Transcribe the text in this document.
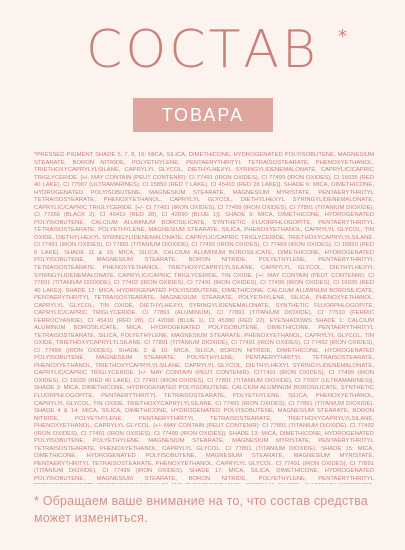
СОСТАВ	*
ТОВАРА
*PRESSED PIGMENT SHADE 5, 7, 8, 16: MICA, SILICA, DIMETHICONE, HYDROGENATED POLYISOBUTENE, MAGNESIUM STEARATE, BORON NITRIDE, POLYETHYLENE, PENTAERYTHRITYL TETRAISOSTEARATE, PHENOXYETHANOL, TRIETHOXYCAPRYLYLSILANE, CAPRYLYL GLYCOL, DIETHYLHEXYL SYRINGYLIDENEMALONATE, CAPRYLIC/CAPRIC TRIGLYCERIDE. [+/- MAY CONTAIN (PEUT CONTENIR): CI 77491 (IRON OXIDES), CI 77499 (IRON OXIDES), CI 16035 (RED 40 LAKE), CI 77007 (ULTRAMARINES), CI 15850 (RED 7 LAKE), CI 45410 (RED 28 LAKE)]. SHADE 6: MICA, DIMETHICONE, HYDROGENATED POLYISOBUTENE, MAGNESIUM STEARATE, MAGNESIUM MYRISTATE, PENTAERYTHRITYL TETRAISOSTEARATE, PHENOXYETHANOL, CAPRYLYL GLYCOL, DIETHYLHEXYL SYRINGYLIDENEMALONATE, CAPRYLIC/CAPRIC TRIGLYCERIDE. [+/- CI 77491 (IRON OXIDES), CI 77499 (IRON OXIDES), CI 77891 (TITANIUM DIOXIDE), CI 77266 (BLACK 2), CI 45410 (RED 28), CI 42090 (BLUE 1)]. SHADE 9: MICA, DIMETHICONE, HYDROGENATED POLYISOBUTENE, CALCIUM ALUMINUM BOROSILICATE, SYNTHETIC FLUORPHLOGOPITE, PENTAERYTHRITYL TETRAISOSTEARATE, POLYETHYLENE, MAGNESIUM STEARATE, SILICA, PHENOXYETHANOL, CAPRYLYL GLYCOL, TIN OXIDE, DIETHYLHEXYL SYRINGYLIDENEMALONATE, CAPRYLIC/CAPRIC TRIGLYCERIDE, TRIETHOXYCAPRYLYLSILANE. CI 77491 (IRON OXIDES), CI 77891 (TITANIUM DIOXIDE), CI 77492 (IRON OXIDES), CI 77499 (IRON OXIDES), CI 15850 (RED 6 LAKE). SHADE 11 & 15: MICA, SILICA, CALCIUM ALUMINUM BOROSILICATE, DIMETHICONE, HYDROGENATED POLYISOBUTENE, MAGNESIUM STEARATE, BORON NITRIDE, POLYETHYLENE, PENTAERYTHRITYL TETRAISOSTEARATE, PHENOXYETHANOL, TRIETHOXYCAPRYLYLSILANE, CAPRYLYL GLYCOL, DIETHYLHEXYL SYRINGYLIDENEMALONATE, CAPRYLIC/CAPRIC TRIGLYCERIDE, TIN OXIDE. [+/- MAY CONTAIN (PEUT CONTENIR): CI 77891 (TITANIUM DIOXIDE), CI 77492 (IRON OXIDES), CI 77491 (IRON OXIDES), CI 77499 (IRON OXIDES), CI 16035 (RED 40 LAKE)]. SHADE 12: MICA, HYDROGENATED POLYISOBUTENE, DIMETHICONE, CALCIUM ALUMINUM BOROSILICATE, PENTAERYTHRITYL TETRAISOSTEARATE, MAGNESIUM STEARATE, POLYETHYLENE, SILICA, PHENOXYETHANOL, CAPRYLYL GLYCOL, TIN OXIDE, DIETHYLHEXYL SYRINGYLIDENEMALONATE, SYNTHETIC FLUORPHLOGOPITE, CAPRYLIC/CAPRIC TRIGLYCERIDE. CI 77891 (ALUMINUM), CI 77891 (TITANIUM DIOXIDE), CI 77510 (FERRIC FERROCYANIDE), CI 45410 (RED 28), CI 42090 (BLUE 1), CI 45380 (RED 22). EYESHADOWS SHADE 1: CALCIUM ALUMINUM BOROSILICATE, MICA, HYDROGENATED POLYISOBUTENE, DIMETHICONE, PENTAERYTHRITYL TETRAISOSTEARATE, SILICA, POLYETHYLENE, MAGNESIUM STEARATE, PHENOXYETHANOL, CAPRYLYL GLYCOL, TIN OXIDE, TRIETHOXYCAPRYLYLSILANE. CI 77891 (TITANIUM DIOXIDE), CI 77491 (IRON OXIDES), CI 77492 (IRON OXIDES), CI 77499 (IRON OXIDES). SHADE 2 & 10: MICA, SILICA, BORON NITRIDE, DIMETHICONE, HYDROGENATED POLYISOBUTENE, MAGNESIUM STEARATE, POLYETHYLENE, PENTAERYTHRITYL TETRAISOSTEARATE, PHENOXYETHANOL, TRIETHOXYCAPRYLYLSILANE, CAPRYLYL GLYCOL, DIETHYLHEXYL SYRINGYLIDENEMALONATE, CAPRYLIC/CAPRIC TRIGLYCERIDE. [+/- MAY CONTAIN (PEUT CONTENIR): CI77491 (IRON OXIDES), CI 77499 (IRON OXIDES), CI 16035 (RED 40 LAKE), CI 77491 (IRON OXIDES), CI 77891 (TITANIUM DIOXIDE), CI 77007 (ULTRAMARINES)]. SHADE 3: MICA, DIMETHICONE, HYDROGENATED POLYISOBUTENE, CALCIUM ALUMINUM BOROSILICATE, SYNTHETIC FLUORPHLOGOPITE, PENTAERYTHRITYL TETRAISOSTEARATE, POLYETHYLENE, SILICA, PHENOXYETHANOL, CAPRYLYL GLYCOL, TIN OXIDE, TRIETHOXYCAPRYLYLSILANE. CI 77491 (IRON OXIDES), CI 77891 (TITANIUM DIOXIDE). SHADE 4 & 14: MICA, SILICA, DIMETHICONE, HYDROGENATED POLYISOBUTENE, MAGNESIUM STEARATE, BORON NITRIDE, POLYETHYLENE, PENTAERYTHRITYL TETRAISOSTEARATE, TRIETHOXYCAPRYLYLSILANE, PHENOXYETHANOL, CAPRYLYL GLYCOL. [+/- MAY CONTAIN (PEUT CONTENIR): CI 77891 (TITANIUM DIOXIDE), CI 77492 (IRON OXIDES), CI 77491 (IRON OXIDES), CI 77499 (IRON OXIDES)]. SHADE 13: MICA, DIMETHICONE, HYDROGENATED POLYISOBUTENE, POLYETHYLENE, MAGNESIUM STEARATE, MAGNESIUM MYRISTATE, PENTAERYTHRITYL TETRAISOSTEARATE, PHENOXYETHANOL, CAPRYLYL GLYCOL. CI 77891 (TITANIUM DIOXIDE). SHADE 15: MICA, DIMETHICONE, HYDROGENATED POLYISOBUTENE, MAGNESIUM STEARATE, MAGNESIUM MYRISTATE, PENTAERYTHRITYL TETRAISOSTEARATE, PHENOXYETHANOL, CAPRYLYL GLYCOL. CI 77491 (IRON OXIDES), CI 77891 (TITANIUM DIOXIDE), CI 77499 (IRON OXIDES). SHADE 17: MICA, SILICA, DIMETHICONE, HYDROGENATED POLYISOBUTENE, MAGNESIUM STEARATE, BORON NITRIDE, POLYETHYLENE, PENTAERYTHRITYL
* Обращаем ваше внимание на то, что состав средства может измениться.
